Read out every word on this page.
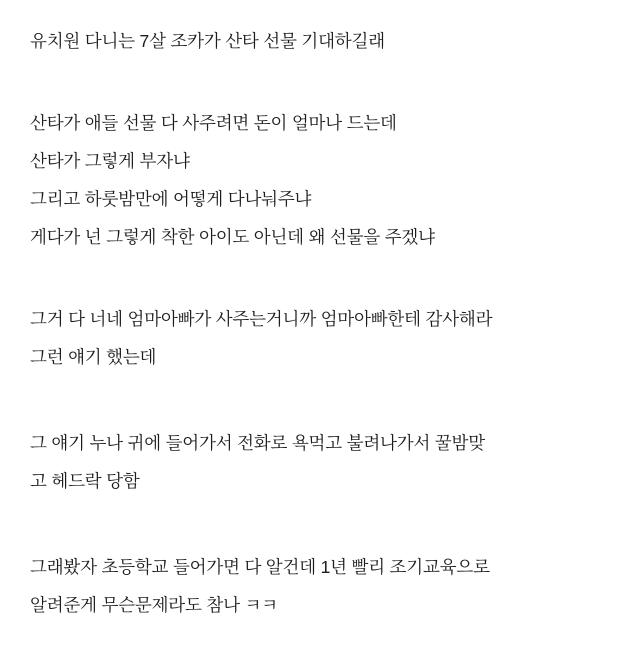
유치원 다니는 7살 조카가 산타 선물 기대하길래
산타가 애들 선물 다 사주려면 돈이 얼마나 드는데
산타가 그렇게 부자냐
그리고 하룻밤만에 어떻게 다나눠주냐
게다가 넌 그렇게 착한 아이도 아닌데 왜 선물을 주겠냐
그거 다 너네 엄마아빠가 사주는거니까 엄마아빠한테 감사해라
그런 얘기 했는데
그 얘기 누나 귀에 들어가서 전화로 욕먹고 불려나가서 꿀밤맞
고 헤드락 당함
그래봤자 초등학교 들어가면 다 알건데 1년 빨리 조기교육으로
알려준게 무슨문제라도 참나 ㅋㅋ
